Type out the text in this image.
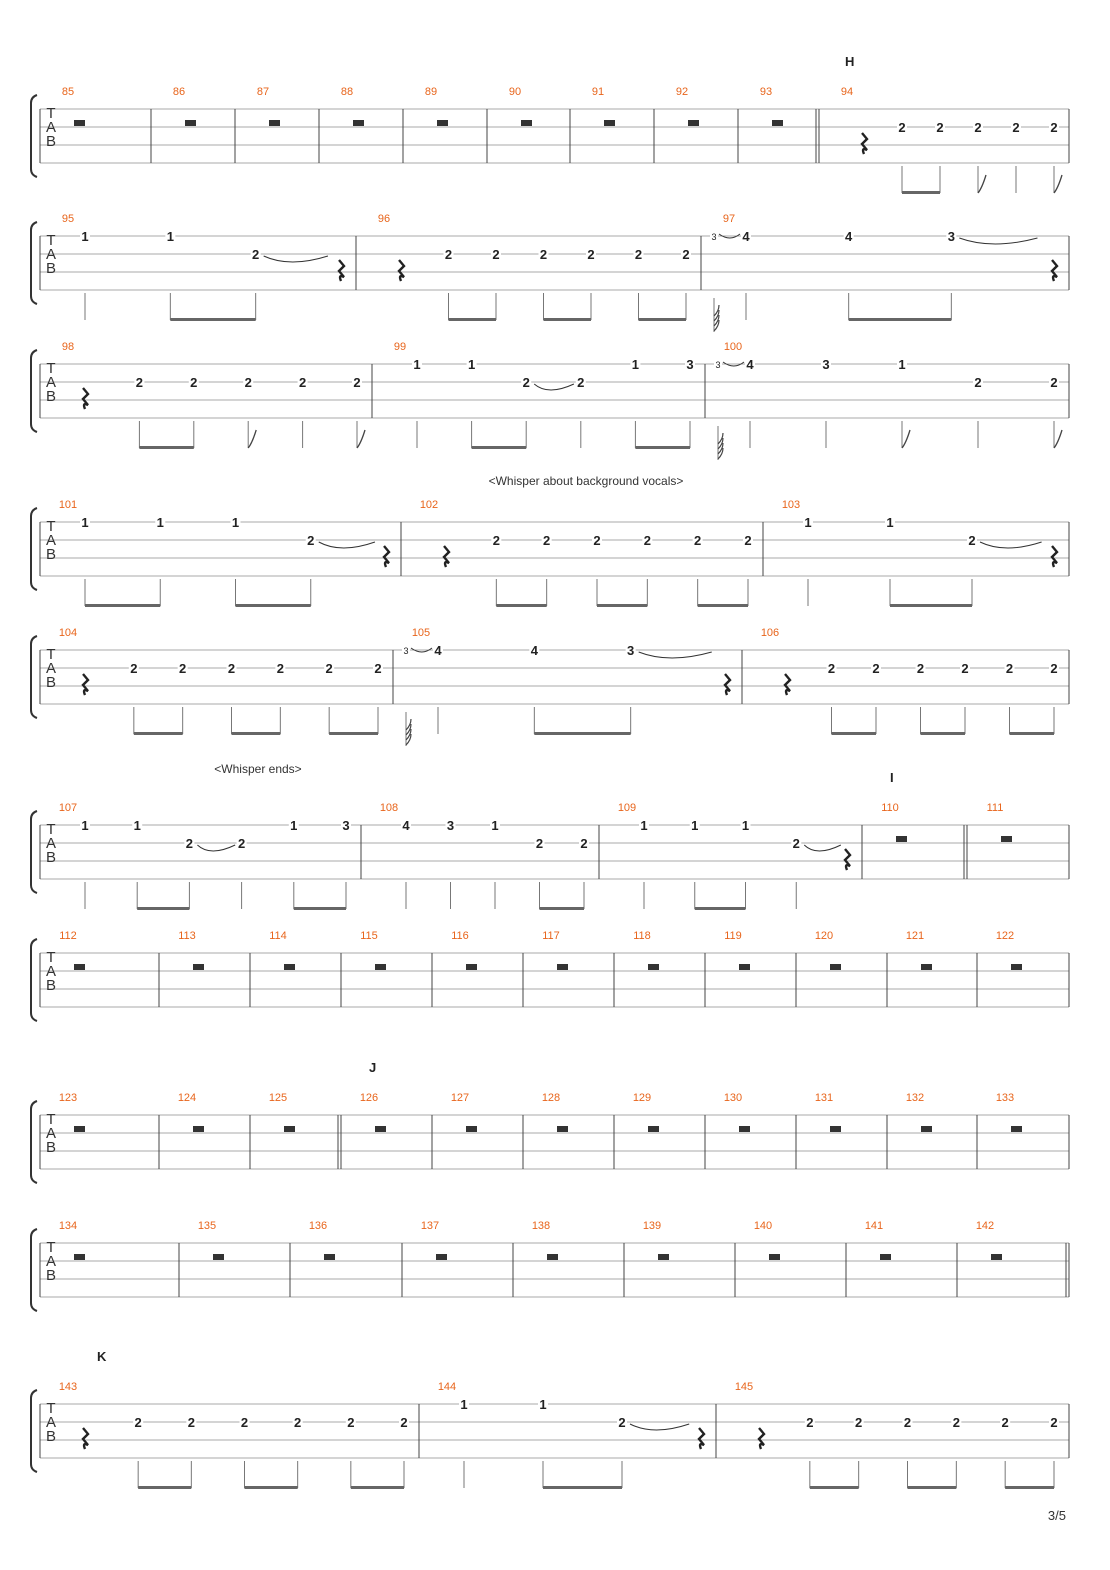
T
A
B
H
85	86	87	88	89	90	91	92	93	94
2 2 2 2 2
T
A
B
95
1	1
2
96
2	2	2	2	2	2
97
4
3	4	3
T
A
B
98
2	2	2	2	2
99
1	1
2	2
1	3
100
4
3	3	1
2	2
T
A
B
<Whisper about background vocals>
101
1	1	1
2
102
2	2	2	2	2	2
103
1	1
2
T
A
B
104
2	2	2	2	2	2
105
4
3	4	3
106
2	2	2	2	2	2
T
A
B
I
<Whisper ends>
107
1	1
2	2
1	3
108
4	3	1
2	2
109
1	1	1
2
110	111
T
A
B
112	113	114	115	116	117	118	119	120	121	122
T
A
B
J
123	124	125	126	127	128	129	130	131	132	133
T
A
B
134	135	136	137	138	139	140	141	142
T
A
B
K
143
2	2	2	2	2	2
144
1	1
2
145
2	2	2	2	2	2
3/5
